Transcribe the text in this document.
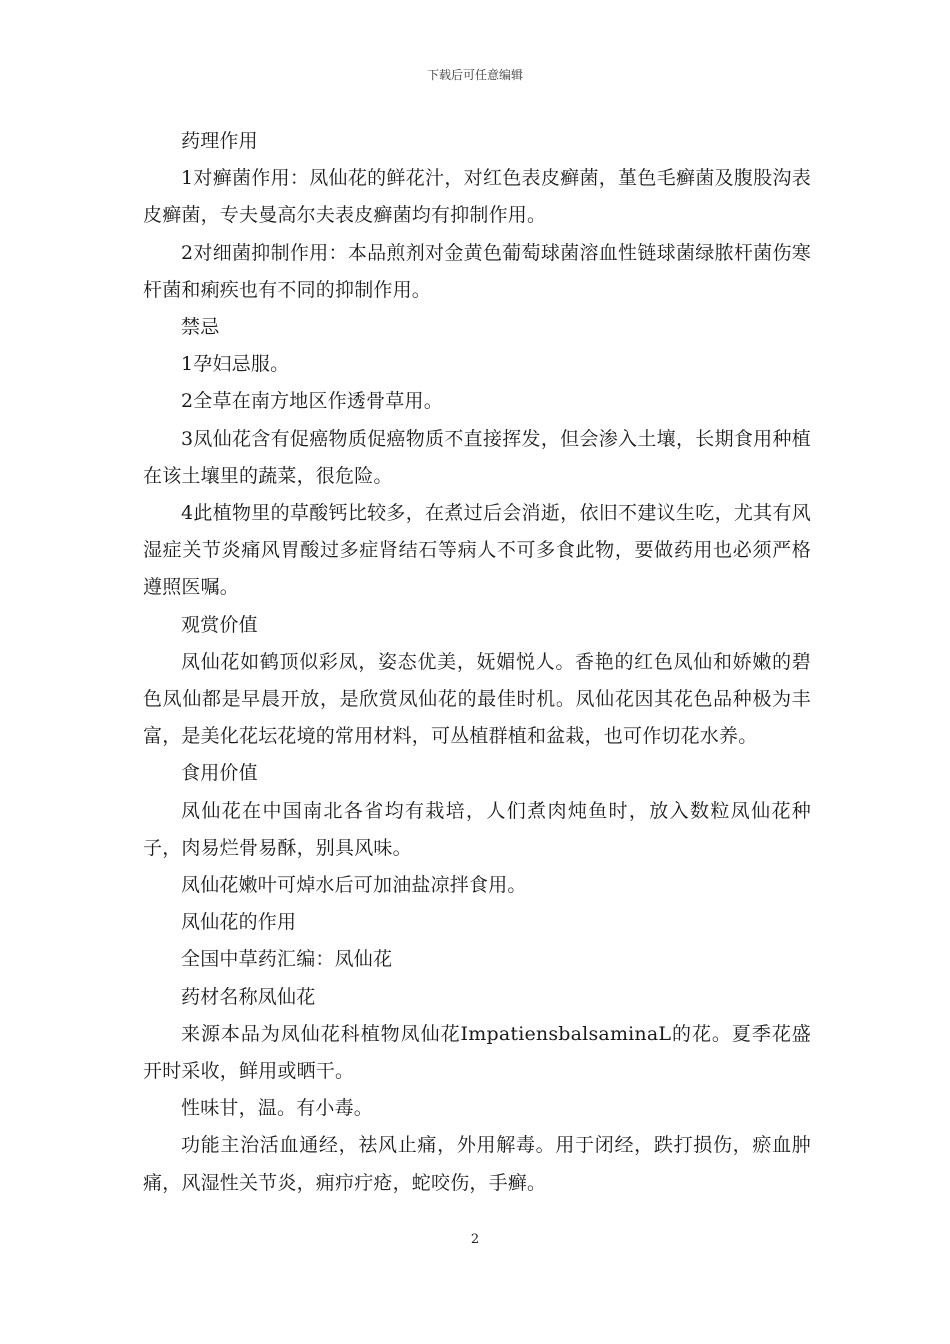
下载后可任意编辑

药理作用

1对癣菌作用：凤仙花的鲜花汁，对红色表皮癣菌，堇色毛癣菌及腹股沟表皮癣菌，专夫曼高尔夫表皮癣菌均有抑制作用。

2对细菌抑制作用：本品煎剂对金黄色葡萄球菌溶血性链球菌绿脓杆菌伤寒杆菌和痢疾也有不同的抑制作用。

禁忌

1孕妇忌服。

2全草在南方地区作透骨草用。

3凤仙花含有促癌物质促癌物质不直接挥发，但会渗入土壤，长期食用种植在该土壤里的蔬菜，很危险。

4此植物里的草酸钙比较多，在煮过后会消逝，依旧不建议生吃，尤其有风湿症关节炎痛风胃酸过多症肾结石等病人不可多食此物，要做药用也必须严格遵照医嘱。

观赏价值

凤仙花如鹤顶似彩凤，姿态优美，妩媚悦人。香艳的红色凤仙和娇嫩的碧色凤仙都是早晨开放，是欣赏凤仙花的最佳时机。凤仙花因其花色品种极为丰富，是美化花坛花境的常用材料，可丛植群植和盆栽，也可作切花水养。

食用价值

凤仙花在中国南北各省均有栽培，人们煮肉炖鱼时，放入数粒凤仙花种子，肉易烂骨易酥，别具风味。

凤仙花嫩叶可焯水后可加油盐凉拌食用。

凤仙花的作用

全国中草药汇编：凤仙花

药材名称凤仙花

来源本品为凤仙花科植物凤仙花ImpatiensbalsaminaL的花。夏季花盛开时采收，鲜用或晒干。

性味甘，温。有小毒。

功能主治活血通经，祛风止痛，外用解毒。用于闭经，跌打损伤，瘀血肿痛，风湿性关节炎，痈疖疔疮，蛇咬伤，手癣。

2
